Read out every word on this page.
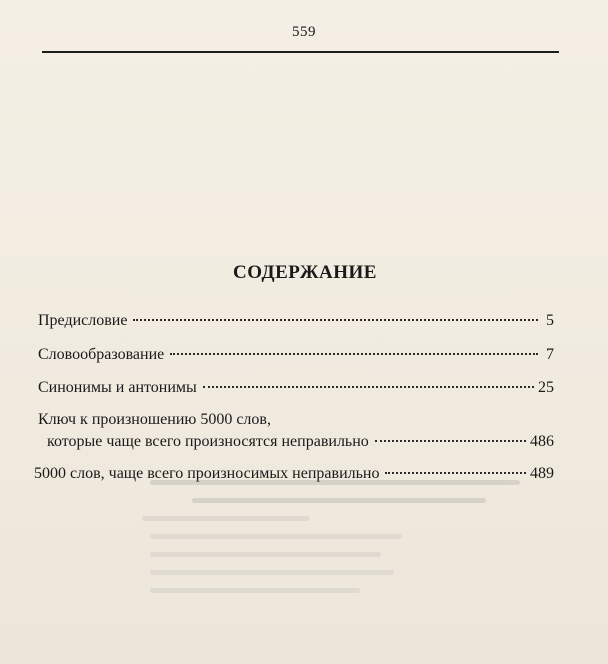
559
СОДЕРЖАНИЕ
Предисловие	5
Словообразование	7
Синонимы и антонимы	25
Ключ к произношению 5000 слов,
которые чаще всего произносятся неправильно	486
5000 слов, чаще всего произносимых неправильно	489
